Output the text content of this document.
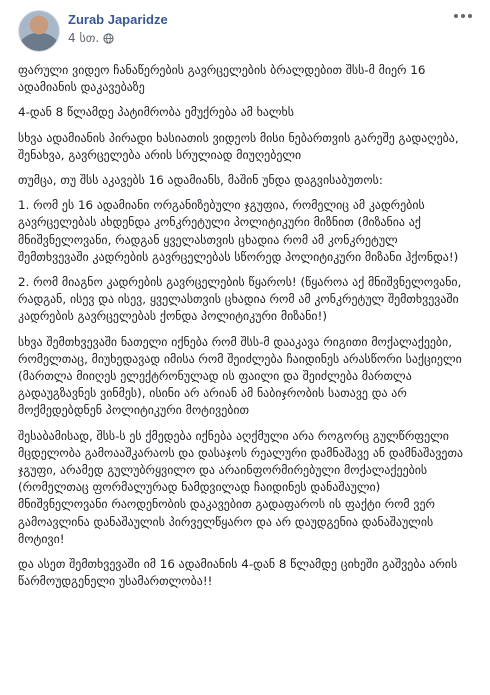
Zurab Japaridze
4 სთ.

ფარული ვიდეო ჩანაწერების გავრცელების ბრალდებით შსს-მ მიერ 16 ადამიანის დაკავებაზე

4-დან 8 წლამდე პატიმრობა ემუქრება ამ ხალხს

სხვა ადამიანის პირადი ხასიათის ვიდეოს მისი ნებართვის გარეშე გადაღება, შენახვა, გავრცელება არის სრულიად მიუღებელი

თუმცა, თუ შსს აკავებს 16 ადამიანს, მაშინ უნდა დაგვისაბუთოს:

1. რომ ეს 16 ადამიანი ორგანიზებული ჯგუფია, რომელიც ამ კადრების გავრცელებას ახდენდა კონკრეტული პოლიტიკური მიზნით (მიზანია აქ მნიშვნელოვანი, რადგან ყველასთვის ცხადია რომ ამ კონკრეტულ შემთხვევაში კადრების გავრცელებას სწორედ პოლიტიკური მიზანი ჰქონდა!)

2. რომ მიაგნო კადრების გავრცელების წყაროს! (წყაროა აქ მნიშვნელოვანი, რადგან, ისევ და ისევ, ყველასთვის ცხადია რომ ამ კონკრეტულ შემთხვევაში კადრების გავრცელებას ქონდა პოლიტიკური მიზანი!)

სხვა შემთხვევაში ნათელი იქნება რომ შსს-მ დააკავა რიგითი მოქალაქეები, რომელთაც, მიუხედავად იმისა რომ შეიძლება ჩაიდინეს არასწორი საქციელი (მართლა მიიღეს ელექტრონულად ის ფაილი და შეიძლება მართლა გადაუგზავნეს ვინმეს), ისინი არ არიან ამ ნაბიჯრობის სათავე და არ მოქმედებდნენ პოლიტიკური მოტივებით

შესაბამისად, შსს-ს ეს ქმედება იქნება აღქმული არა როგორც გულწრფელი მცდელობა გამოააშკარაოს და დასაჯოს რეალური დამნაშავე ან დამნაშავეთა ჯგუფი, არამედ გულუბრყვილო და არაინფორმირებული მოქალაქეების (რომელთაც ფორმალურად ნამდვილად ჩაიდინეს დანაშაული) მნიშვნელოვანი რაოდენობის დაკავებით გადაფაროს ის ფაქტი რომ ვერ გამოავლინა დანაშაულის პირველწყარო და არ დაუდგენია დანაშაულის მოტივი!

და ასეთ შემთხვევაში იმ 16 ადამიანის 4-დან 8 წლამდე ციხეში გაშვება არის წარმოუდგენელი უსამართლობა!!
